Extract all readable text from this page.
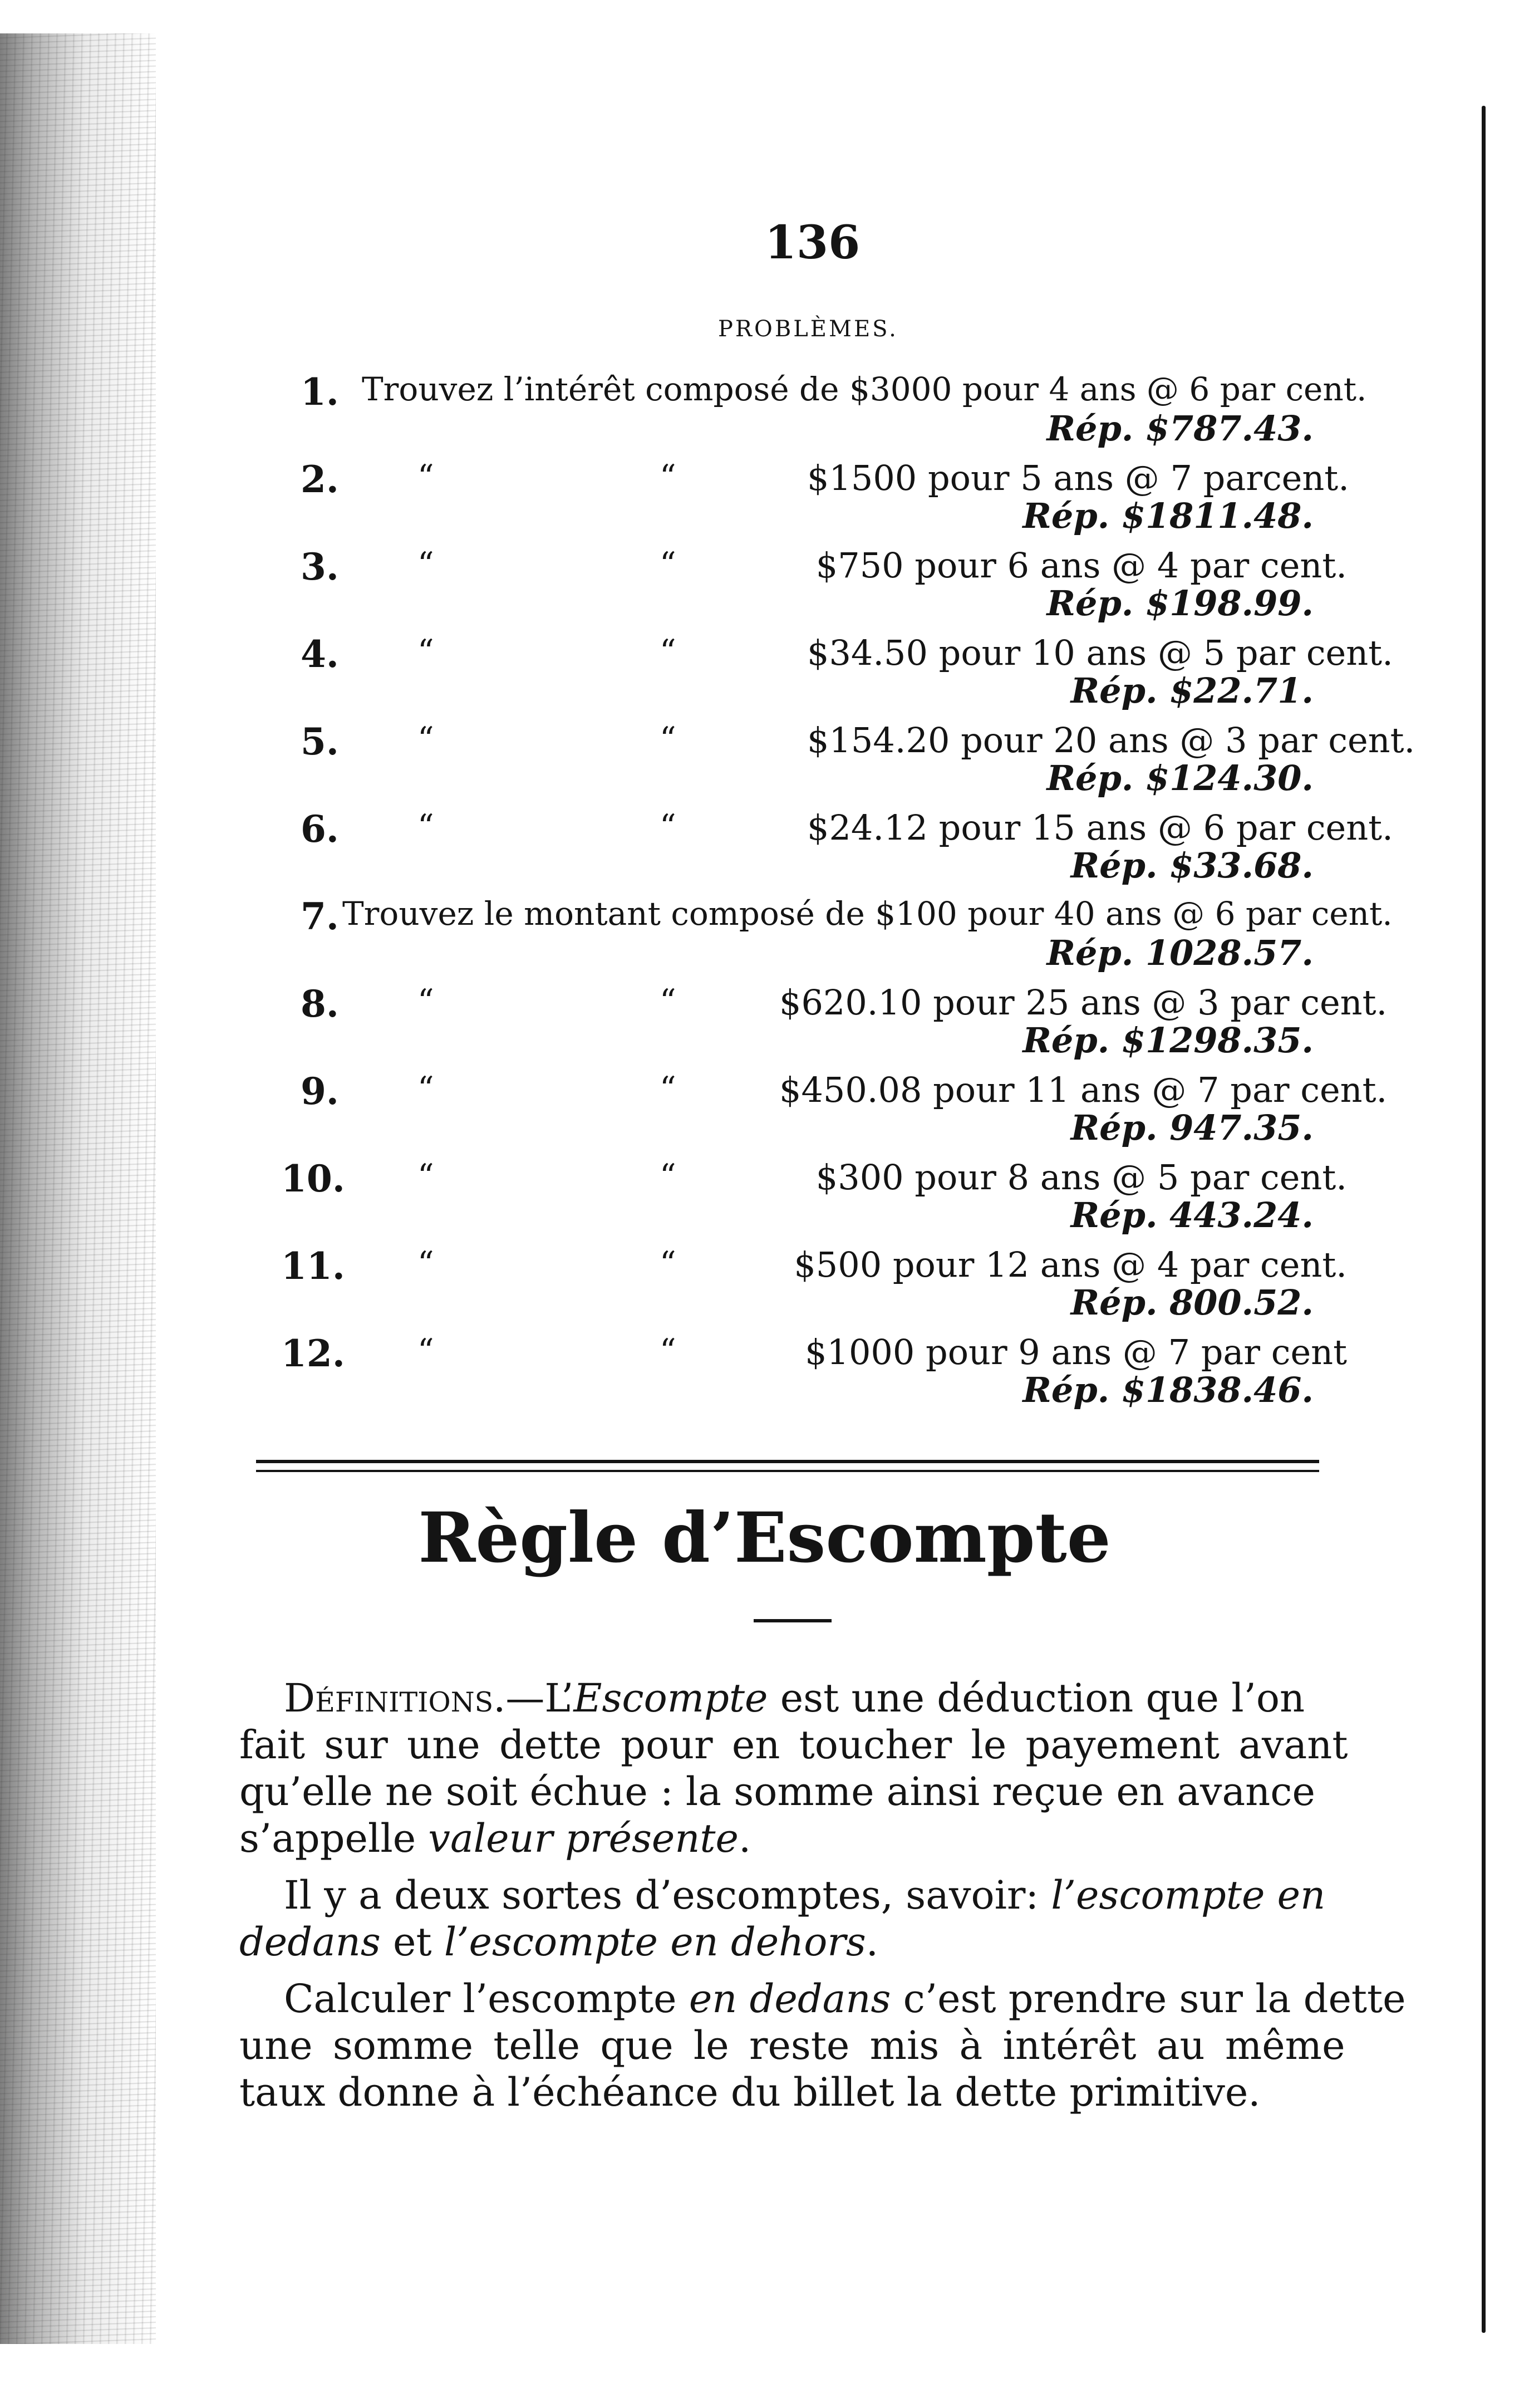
136
PROBLÈMES.
1. Trouvez l’intérêt composé de $3000 pour 4 ans @ 6 par cent.
Rép. $787.43.
2. “	“	$1500 pour 5 ans @ 7 parcent.
Rép. $1811.48.
3. “	“	$750 pour 6 ans @ 4 par cent.
Rép. $198.99.
4. “	“	$34.50 pour 10 ans @ 5 par cent.
Rép. $22.71.
5. “	“	$154.20 pour 20 ans @ 3 par cent.
Rép. $124.30.
6. “	“	$24.12 pour 15 ans @ 6 par cent.
Rép. $33.68.
7. Trouvez le montant composé de $100 pour 40 ans @ 6 par cent.
Rép. 1028.57.
8. “	“	$620.10 pour 25 ans @ 3 par cent.
Rép. $1298.35.
9. “	“	$450.08 pour 11 ans @ 7 par cent.
Rép. 947.35.
10. “	“	$300 pour 8 ans @ 5 par cent.
Rép. 443.24.
11. “	“	$500 pour 12 ans @ 4 par cent.
Rép. 800.52.
12. “	“	$1000 pour 9 ans @ 7 par cent
Rép. $1838.46.
Règle d’Escompte
Définitions.—L’Escompte est une déduction que l’on
fait sur une dette pour en toucher le payement avant
qu’elle ne soit échue : la somme ainsi reçue en avance
s’appelle valeur présente.
Il y a deux sortes d’escomptes, savoir: l’escompte en
dedans et l’escompte en dehors.
Calculer l’escompte en dedans c’est prendre sur la dette
une somme telle que le reste mis à intérêt au même
taux donne à l’échéance du billet la dette primitive.
